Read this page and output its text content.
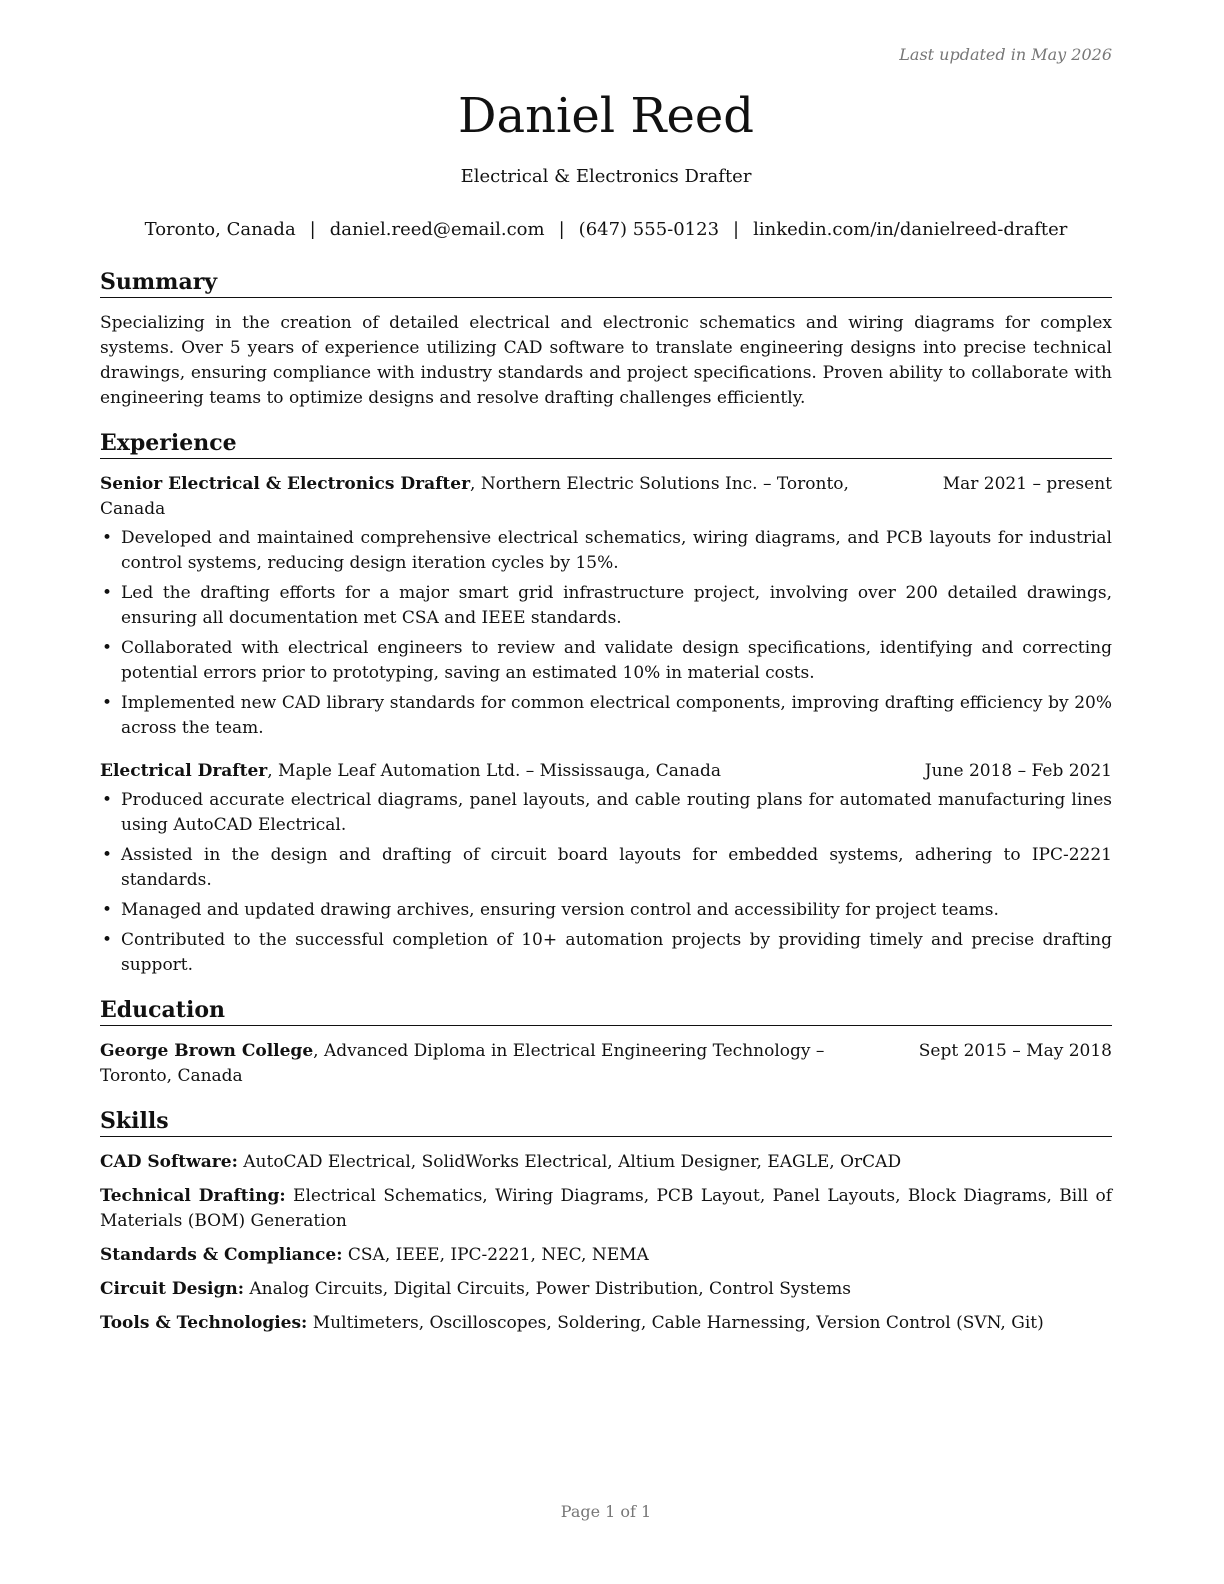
Last updated in May 2026
Daniel Reed
Electrical & Electronics Drafter
Toronto, Canada | daniel.reed@email.com | (647) 555-0123 | linkedin.com/in/danielreed-drafter
Summary

Specializing in the creation of detailed electrical and electronic schematics and wiring diagrams for complex systems. Over 5 years of experience utilizing CAD software to translate engineering designs into precise technical drawings, ensuring compliance with industry standards and project specifications. Proven ability to collaborate with engineering teams to optimize designs and resolve drafting challenges efficiently.

Experience
Senior Electrical & Electronics Drafter, Northern Electric Solutions Inc. – Toronto, Canada
Mar 2021 – present
• Developed and maintained comprehensive electrical schematics, wiring diagrams, and PCB layouts for industrial control systems, reducing design iteration cycles by 15%.
• Led the drafting efforts for a major smart grid infrastructure project, involving over 200 detailed drawings, ensuring all documentation met CSA and IEEE standards.
• Collaborated with electrical engineers to review and validate design specifications, identifying and correcting potential errors prior to prototyping, saving an estimated 10% in material costs.
• Implemented new CAD library standards for common electrical components, improving drafting efficiency by 20% across the team.
Electrical Drafter, Maple Leaf Automation Ltd. – Mississauga, Canada	June 2018 – Feb 2021
• Produced accurate electrical diagrams, panel layouts, and cable routing plans for automated manufacturing lines using AutoCAD Electrical.
• Assisted in the design and drafting of circuit board layouts for embedded systems, adhering to IPC-2221 standards.
• Managed and updated drawing archives, ensuring version control and accessibility for project teams.
• Contributed to the successful completion of 10+ automation projects by providing timely and precise drafting support.
Education
George Brown College, Advanced Diploma in Electrical Engineering Technology – Toronto, Canada
Sept 2015 – May 2018
Skills
CAD Software: AutoCAD Electrical, SolidWorks Electrical, Altium Designer, EAGLE, OrCAD
Technical Drafting: Electrical Schematics, Wiring Diagrams, PCB Layout, Panel Layouts, Block Diagrams, Bill of Materials (BOM) Generation
Standards & Compliance: CSA, IEEE, IPC-2221, NEC, NEMA
Circuit Design: Analog Circuits, Digital Circuits, Power Distribution, Control Systems
Tools & Technologies: Multimeters, Oscilloscopes, Soldering, Cable Harnessing, Version Control (SVN, Git)
Page 1 of 1
